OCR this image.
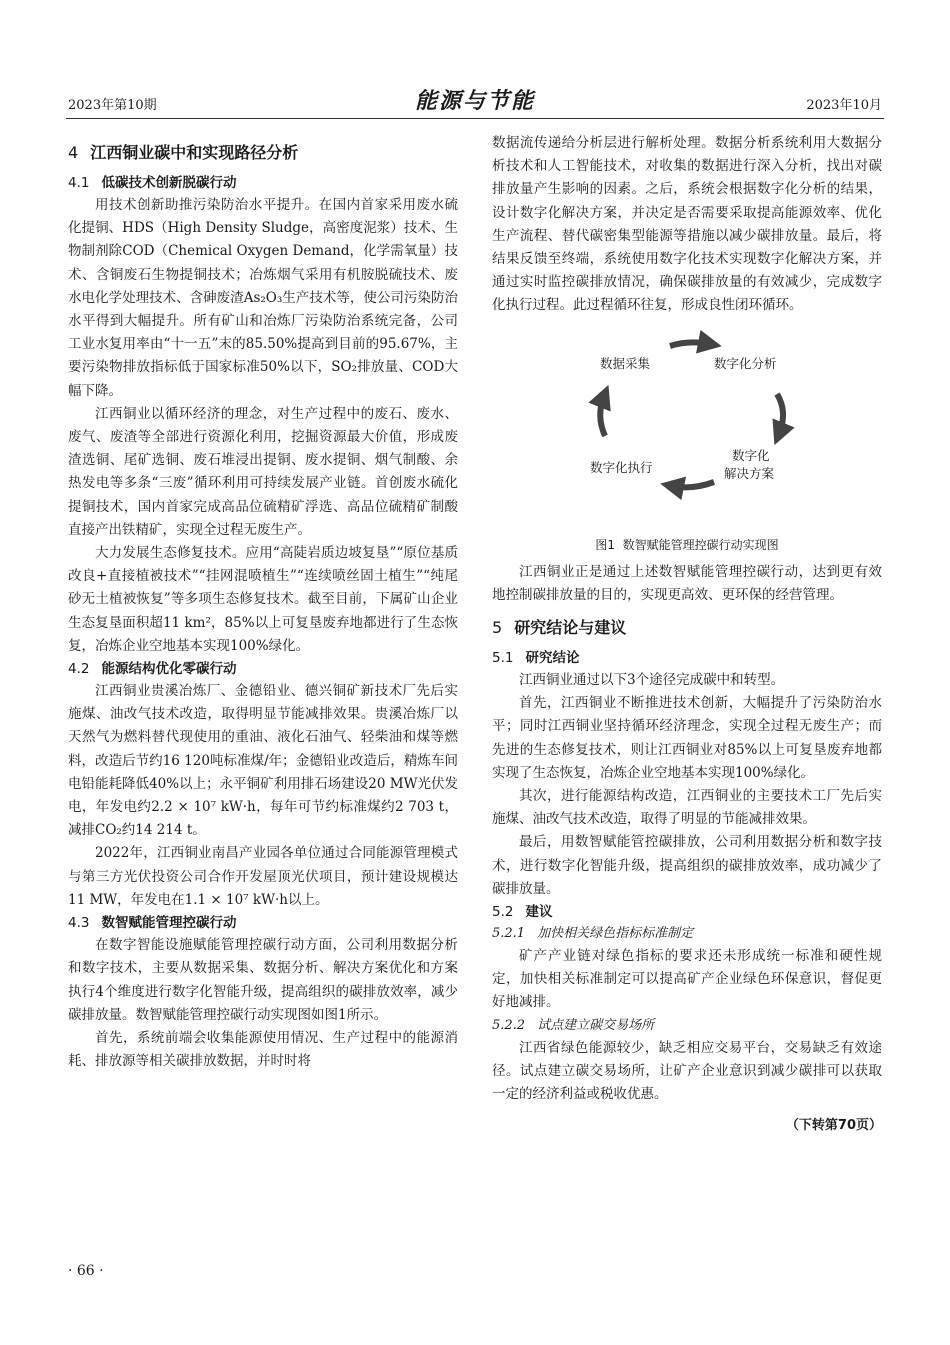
2023年第10期	能源与节能	2023年10月
4 江西铜业碳中和实现路径分析
4.1 低碳技术创新脱碳行动

用技术创新助推污染防治水平提升。在国内首家采用废水硫化提铜、HDS（High Density Sludge，高密度泥浆）技术、生物制剂除COD（Chemical Oxygen Demand，化学需氧量）技术、含铜废石生物提铜技术；冶炼烟气采用有机胺脱硫技术、废水电化学处理技术、含砷废渣As₂O₃生产技术等，使公司污染防治水平得到大幅提升。所有矿山和冶炼厂污染防治系统完备，公司工业水复用率由“十一五”末的85.50%提高到目前的95.67%，主要污染物排放指标低于国家标准50%以下，SO₂排放量、COD大幅下降。

江西铜业以循环经济的理念，对生产过程中的废石、废水、废气、废渣等全部进行资源化利用，挖掘资源最大价值，形成废渣选铜、尾矿选铜、废石堆浸出提铜、废水提铜、烟气制酸、余热发电等多条“三废”循环利用可持续发展产业链。首创废水硫化提铜技术，国内首家完成高品位硫精矿浮选、高品位硫精矿制酸直接产出铁精矿，实现全过程无废生产。

大力发展生态修复技术。应用“高陡岩质边坡复垦”“原位基质改良+直接植被技术”“挂网混喷植生”“连续喷丝固土植生”“纯尾砂无土植被恢复”等多项生态修复技术。截至目前，下属矿山企业生态复垦面积超11 km²，85%以上可复垦废弃地都进行了生态恢复，冶炼企业空地基本实现100%绿化。

4.2 能源结构优化零碳行动

江西铜业贵溪冶炼厂、金德铅业、德兴铜矿新技术厂先后实施煤、油改气技术改造，取得明显节能减排效果。贵溪冶炼厂以天然气为燃料替代现使用的重油、液化石油气、轻柴油和煤等燃料，改造后节约16 120吨标准煤/年；金德铅业改造后，精炼车间电铅能耗降低40%以上；永平铜矿利用排石场建设20 MW光伏发电，年发电约2.2 × 10⁷ kW·h，每年可节约标准煤约2 703 t，减排CO₂约14 214 t。

2022年，江西铜业南昌产业园各单位通过合同能源管理模式与第三方光伏投资公司合作开发屋顶光伏项目，预计建设规模达11 MW，年发电在1.1 × 10⁷ kW·h以上。

4.3 数智赋能管理控碳行动

在数字智能设施赋能管理控碳行动方面，公司利用数据分析和数字技术，主要从数据采集、数据分析、解决方案优化和方案执行4个维度进行数字化智能升级，提高组织的碳排放效率，减少碳排放量。数智赋能管理控碳行动实现图如图1所示。

首先，系统前端会收集能源使用情况、生产过程中的能源消耗、排放源等相关碳排放数据，并时时将

数据流传递给分析层进行解析处理。数据分析系统利用大数据分析技术和人工智能技术，对收集的数据进行深入分析，找出对碳排放量产生影响的因素。之后，系统会根据数字化分析的结果，设计数字化解决方案，并决定是否需要采取提高能源效率、优化生产流程、替代碳密集型能源等措施以减少碳排放量。最后，将结果反馈至终端，系统使用数字化技术实现数字化解决方案，并通过实时监控碳排放情况，确保碳排放量的有效减少，完成数字化执行过程。此过程循环往复，形成良性闭环循环。

数据采集	数字化分析
数字化
解决方案
数字化执行
图1 数智赋能管理控碳行动实现图

江西铜业正是通过上述数智赋能管理控碳行动，达到更有效地控制碳排放量的目的，实现更高效、更环保的经营管理。

5 研究结论与建议
5.1 研究结论

江西铜业通过以下3个途径完成碳中和转型。

首先，江西铜业不断推进技术创新，大幅提升了污染防治水平；同时江西铜业坚持循环经济理念，实现全过程无废生产；而先进的生态修复技术，则让江西铜业对85%以上可复垦废弃地都实现了生态恢复，冶炼企业空地基本实现100%绿化。

其次，进行能源结构改造，江西铜业的主要技术工厂先后实施煤、油改气技术改造，取得了明显的节能减排效果。

最后，用数智赋能管控碳排放，公司利用数据分析和数字技术，进行数字化智能升级，提高组织的碳排放效率，成功减少了碳排放量。

5.2 建议
5.2.1 加快相关绿色指标标准制定

矿产产业链对绿色指标的要求还未形成统一标准和硬性规定，加快相关标准制定可以提高矿产企业绿色环保意识，督促更好地减排。

5.2.2 试点建立碳交易场所

江西省绿色能源较少，缺乏相应交易平台，交易缺乏有效途径。试点建立碳交易场所，让矿产企业意识到减少碳排可以获取一定的经济利益或税收优惠。

（下转第70页）
· 66 ·
